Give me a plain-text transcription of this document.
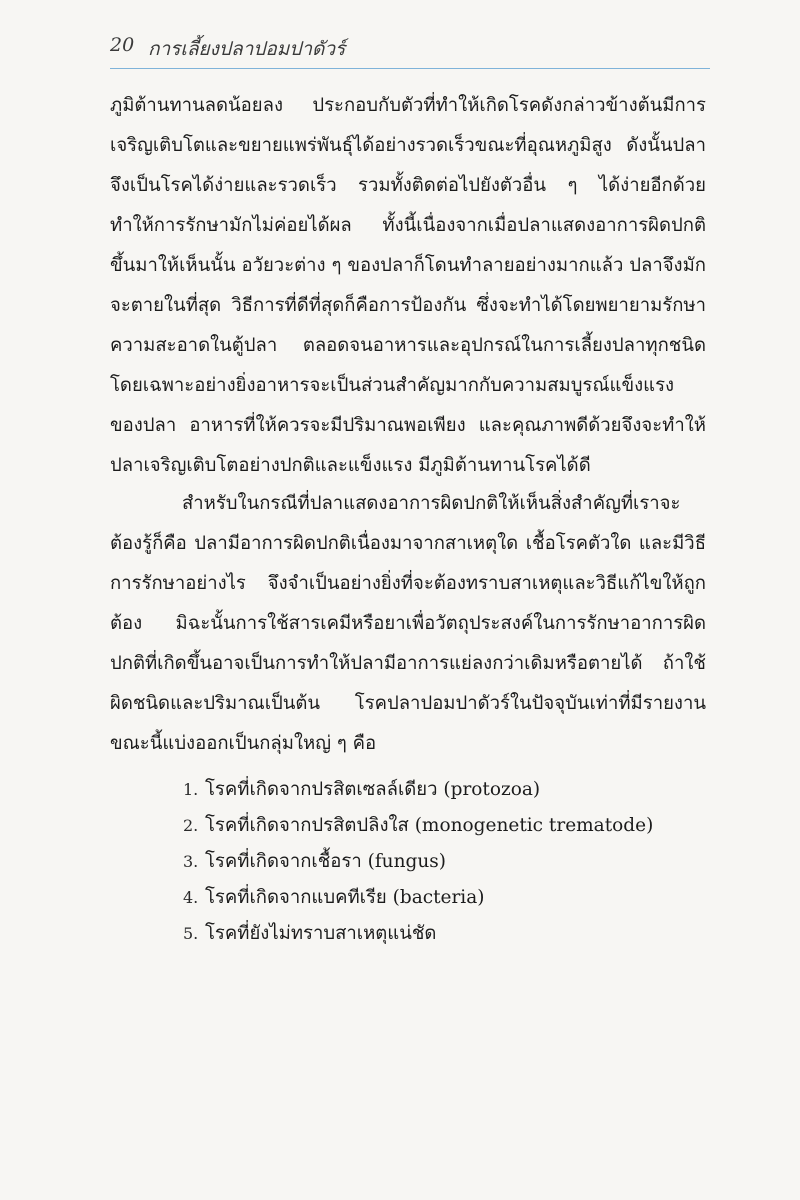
20 การเลี้ยงปลาปอมปาดัวร์

ภูมิต้านทานลดน้อยลง ประกอบกับตัวที่ทำให้เกิดโรคดังกล่าวข้างต้นมีการเจริญเติบโตและขยายแพร่พันธุ์ได้อย่างรวดเร็วขณะที่อุณหภูมิสูง ดังนั้นปลาจึงเป็นโรคได้ง่ายและรวดเร็ว รวมทั้งติดต่อไปยังตัวอื่น ๆ ได้ง่ายอีกด้วย ทำให้การรักษามักไม่ค่อยได้ผล ทั้งนี้เนื่องจากเมื่อปลาแสดงอาการผิดปกติขึ้นมาให้เห็นนั้น อวัยวะต่าง ๆ ของปลาก็โดนทำลายอย่างมากแล้ว ปลาจึงมักจะตายในที่สุด วิธีการที่ดีที่สุดก็คือการป้องกัน ซึ่งจะทำได้โดยพยายามรักษาความสะอาดในตู้ปลา ตลอดจนอาหารและอุปกรณ์ในการเลี้ยงปลาทุกชนิด โดยเฉพาะอย่างยิ่งอาหารจะเป็นส่วนสำคัญมากกับความสมบูรณ์แข็งแรงของปลา อาหารที่ให้ควรจะมีปริมาณพอเพียง และคุณภาพดีด้วยจึงจะทำให้ปลาเจริญเติบโตอย่างปกติและแข็งแรง มีภูมิต้านทานโรคได้ดี

สำหรับในกรณีที่ปลาแสดงอาการผิดปกติให้เห็นสิ่งสำคัญที่เราจะต้องรู้ก็คือ ปลามีอาการผิดปกติเนื่องมาจากสาเหตุใด เชื้อโรคตัวใด และมีวิธีการรักษาอย่างไร จึงจำเป็นอย่างยิ่งที่จะต้องทราบสาเหตุและวิธีแก้ไขให้ถูกต้อง มิฉะนั้นการใช้สารเคมีหรือยาเพื่อวัตถุประสงค์ในการรักษาอาการผิดปกติที่เกิดขึ้นอาจเป็นการทำให้ปลามีอาการแย่ลงกว่าเดิมหรือตายได้ ถ้าใช้ผิดชนิดและปริมาณเป็นต้น โรคปลาปอมปาดัวร์ในปัจจุบันเท่าที่มีรายงานขณะนี้แบ่งออกเป็นกลุ่มใหญ่ ๆ คือ

1. โรคที่เกิดจากปรสิตเซลล์เดียว (protozoa)
2. โรคที่เกิดจากปรสิตปลิงใส (monogenetic trematode)
3. โรคที่เกิดจากเชื้อรา (fungus)
4. โรคที่เกิดจากแบคทีเรีย (bacteria)
5. โรคที่ยังไม่ทราบสาเหตุแน่ชัด
